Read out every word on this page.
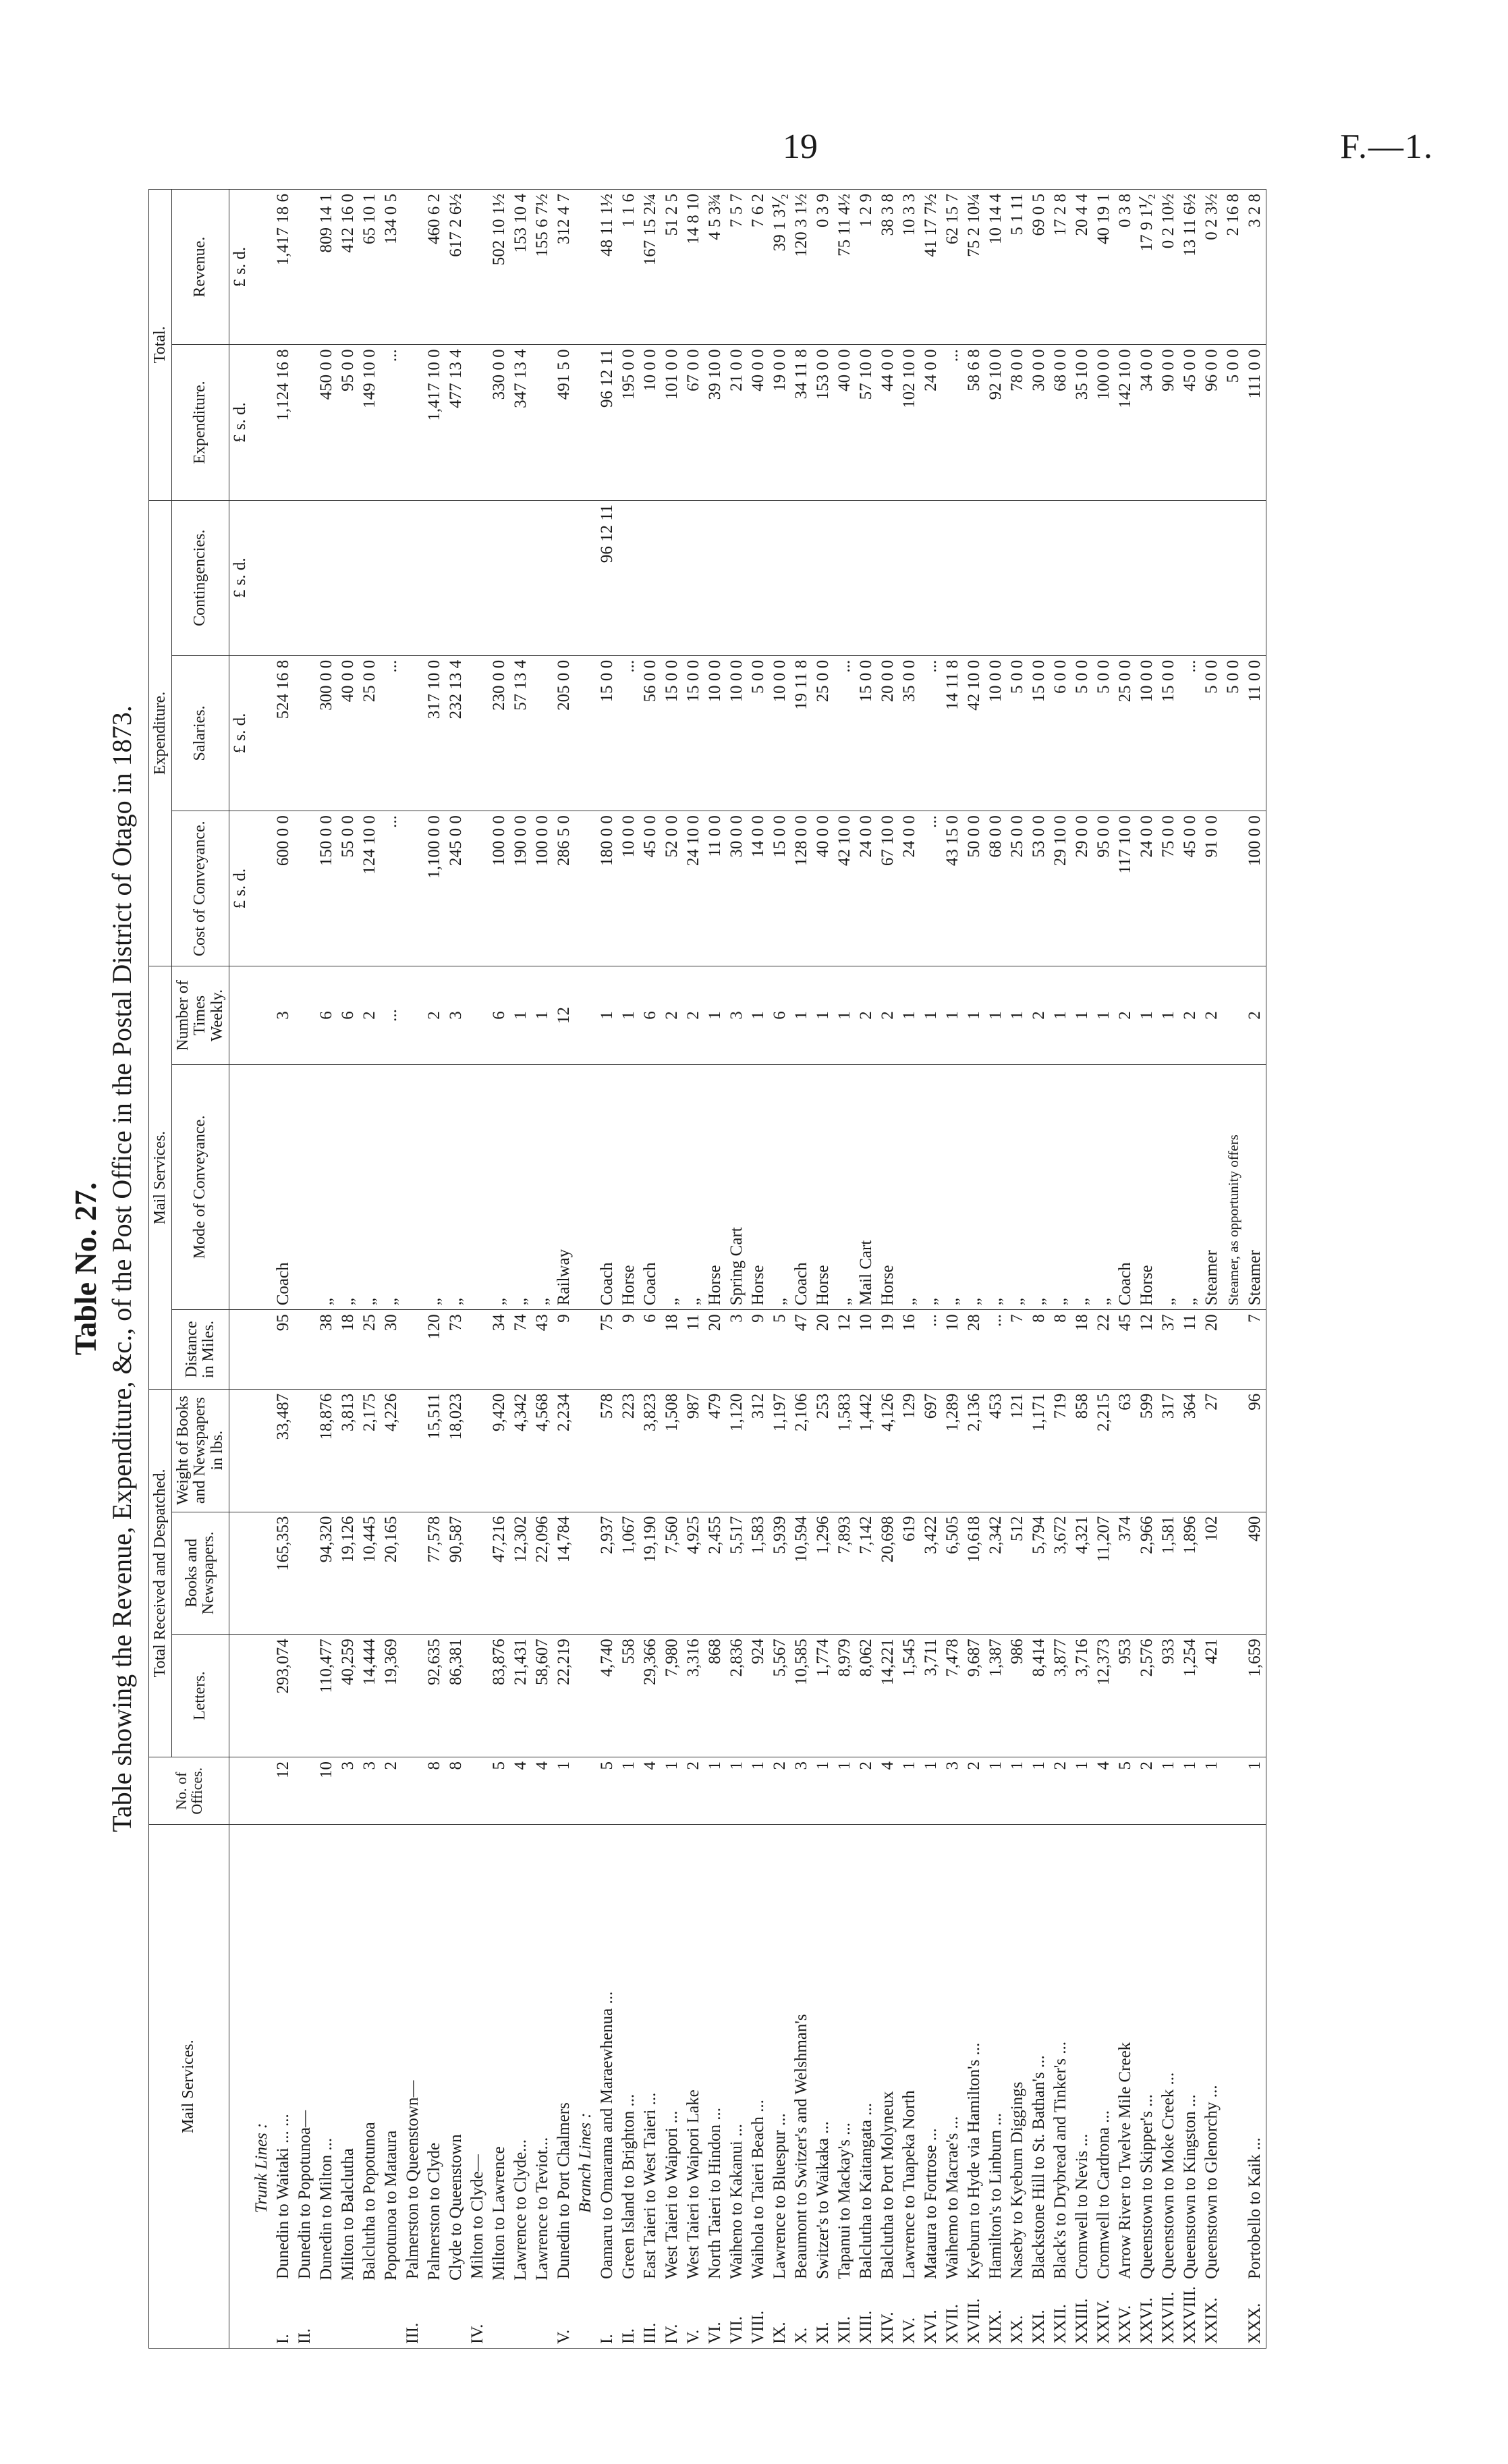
19	F.—1.
Table No. 27. Table showing the Revenue, Expenditure, &c., of the Post Office in the Postal District of Otago in 1873.
Mail Services.	No. of Offices.	Total Received and Despatched.			Mail Services.			Expenditure.			Total.	
		Letters.	Books and Newspapers.	Weight of Books and Newspapers in lbs.	Distance in Miles.	Mode of Conveyance.	Number of Times Weekly.	Cost of Conveyance.	Salaries.	Contingencies.	Expenditure.	Revenue.
								£ s. d.	£ s. d.	£ s. d.	£ s. d.	£ s. d.
Trunk Lines :												
I.Dunedin to Waitaki ... ...	12	293,074	165,353	33,487	95	Coach	3	600 0 0	524 16 8		1,124 16 8	1,417 18 6
II.Dunedin to Popotunoa—												
Dunedin to Milton ...	10	110,477	94,320	18,876	38	„	6	150 0 0	300 0 0		450 0 0	809 14 1
Milton to Balclutha	3	40,259	19,126	3,813	18	„	6	55 0 0	40 0 0		95 0 0	412 16 0
Balclutha to Popotunoa	3	14,444	10,445	2,175	25	„	2	124 10 0	25 0 0		149 10 0	65 10 1
Popotunoa to Mataura	2	19,369	20,165	4,226	30	„	...	...	...		...	134 0 5
III.Palmerston to Queenstown—												
Palmerston to Clyde	8	92,635	77,578	15,511	120	„	2	1,100 0 0	317 10 0		1,417 10 0	460 6 2
Clyde to Queenstown	8	86,381	90,587	18,023	73	„	3	245 0 0	232 13 4		477 13 4	617 2 6½
IV.Milton to Clyde—												
Milton to Lawrence	5	83,876	47,216	9,420	34	„	6	100 0 0	230 0 0		330 0 0	502 10 1½
Lawrence to Clyde...	4	21,431	12,302	4,342	74	„	1	190 0 0	57 13 4		347 13 4	153 10 4
Lawrence to Teviot...	4	58,607	22,096	4,568	43	„	1	100 0 0				155 6 7½
V.Dunedin to Port Chalmers	1	22,219	14,784	2,234	9	Railway	12	286 5 0	205 0 0		491 5 0	312 4 7
Branch Lines :												
I.Oamaru to Omarama and Maraewhenua ...	5	4,740	2,937	578	75	Coach	1	180 0 0	15 0 0	96 12 11	96 12 11	48 11 1½
II.Green Island to Brighton ...	1	558	1,067	223	9	Horse	1	10 0 0	...		195 0 0	1 1 6
III.East Taieri to West Taieri ...	4	29,366	19,190	3,823	6	Coach	6	45 0 0	56 0 0		10 0 0	167 15 2¼
IV.West Taieri to Waipori ...	1	7,980	7,560	1,508	18	„	2	52 0 0	15 0 0		101 0 0	51 2 5
V.West Taieri to Waipori Lake	2	3,316	4,925	987	11	„	2	24 10 0	15 0 0		67 0 0	14 8 10
VI.North Taieri to Hindon ...	1	868	2,455	479	20	Horse	1	11 0 0	10 0 0		39 10 0	4 5 3¾
VII.Waiheno to Kakanui ...	1	2,836	5,517	1,120	3	Spring Cart	3	30 0 0	10 0 0		21 0 0	7 5 7
VIII.Waihola to Taieri Beach ...	1	924	1,583	312	9	Horse	1	14 0 0	5 0 0		40 0 0	7 6 2
IX.Lawrence to Bluespur ...	2	5,567	5,939	1,197	5	„	6	15 0 0	10 0 0		19 0 0	39 1 3⅟₂
X.Beaumont to Switzer's and Welshman's	3	10,585	10,594	2,106	47	Coach	1	128 0 0	19 11 8		34 11 8	120 3 1½
XI.Switzer's to Waikaka ...	1	1,774	1,296	253	20	Horse	1	40 0 0	25 0 0		153 0 0	0 3 9
XII.Tapanui to Mackay's ...	1	8,979	7,893	1,583	12	„	1	42 10 0	...		40 0 0	75 11 4½
XIII.Balclutha to Kaitangata ...	2	8,062	7,142	1,442	10	Mail Cart	2	24 0 0	15 0 0		57 10 0	1 2 9
XIV.Balclutha to Port Molyneux	4	14,221	20,698	4,126	19	Horse	2	67 10 0	20 0 0		44 0 0	38 3 8
XV.Lawrence to Tuapeka North	1	1,545	619	129	16	„	1	24 0 0	35 0 0		102 10 0	10 3 3
XVI.Mataura to Fortrose ...	1	3,711	3,422	697	...	„	1	...	...		24 0 0	41 17 7½
XVII.Waihemo to Macrae's ...	3	7,478	6,505	1,289	10	„	1	43 15 0	14 11 8		...	62 15 7
XVIII.Kyeburn to Hyde via Hamilton's ...	2	9,687	10,618	2,136	28	„	1	50 0 0	42 10 0		58 6 8	75 2 10¼
XIX.Hamilton's to Linburn ...	1	1,387	2,342	453	...	„	1	68 0 0	10 0 0		92 10 0	10 14 4
XX.Naseby to Kyeburn Diggings	1	986	512	121	7	„	1	25 0 0	5 0 0		78 0 0	5 1 11
XXI.Blackstone Hill to St. Bathan's ...	1	8,414	5,794	1,171	8	„	2	53 0 0	15 0 0		30 0 0	69 0 5
XXII.Black's to Drybread and Tinker's ...	2	3,877	3,672	719	8	„	1	29 10 0	6 0 0		68 0 0	17 2 8
XXIII.Cromwell to Nevis ...	1	3,716	4,321	858	18	„	1	29 0 0	5 0 0		35 10 0	20 4 4
XXIV.Cromwell to Cardrona ...	4	12,373	11,207	2,215	22	„	1	95 0 0	5 0 0		100 0 0	40 19 1
XXV.Arrow River to Twelve Mile Creek	5	953	374	63	45	Coach	2	117 10 0	25 0 0		142 10 0	0 3 8
XXVI.Queenstown to Skipper's ...	2	2,576	2,966	599	12	Horse	1	24 0 0	10 0 0		34 0 0	17 9 1⅟₂
XXVII.Queenstown to Moke Creek ...	1	933	1,581	317	37	„	1	75 0 0	15 0 0		90 0 0	0 2 10½
XXVIII.Queenstown to Kingston ...	1	1,254	1,896	364	11	„	2	45 0 0	...		45 0 0	13 11 6½
XXIX.Queenstown to Glenorchy ...	1	421	102	27	20	Steamer	2	91 0 0	5 0 0		96 0 0	0 2 3½
						Steamer, as opportunity offers			5 0 0		5 0 0	2 16 8
XXX.Portobello to Kaik ...	1	1,659	490	96	7	Steamer	2	100 0 0	11 0 0		111 0 0	3 2 8
